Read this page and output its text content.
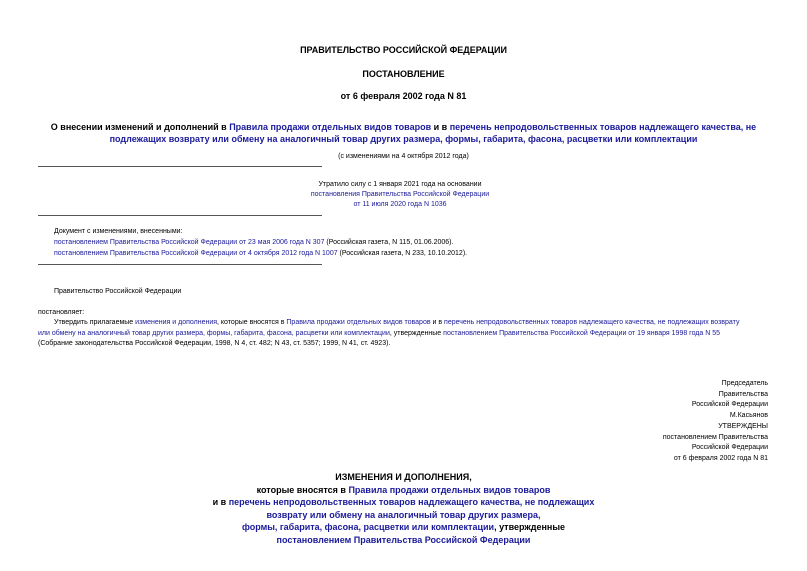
ПРАВИТЕЛЬСТВО РОССИЙСКОЙ ФЕДЕРАЦИИ
ПОСТАНОВЛЕНИЕ
от 6 февраля 2002 года N 81
О внесении изменений и дополнений в Правила продажи отдельных видов товаров и в перечень непродовольственных товаров надлежащего качества, не
подлежащих возврату или обмену на аналогичный товар других размера, формы, габарита, фасона, расцветки или комплектации
(с изменениями на 4 октября 2012 года)
Утратило силу с 1 января 2021 года на основании
постановления Правительства Российской Федерации
от 11 июля 2020 года N 1036
Документ с изменениями, внесенными:
постановлением Правительства Российской Федерации от 23 мая 2006 года N 307 (Российская газета, N 115, 01.06.2006).
постановлением Правительства Российской Федерации от 4 октября 2012 года N 1007 (Российская газета, N 233, 10.10.2012).
Правительство Российской Федерации
постановляет:
Утвердить прилагаемые изменения и дополнения, которые вносятся в Правила продажи отдельных видов товаров и в перечень непродовольственных товаров надлежащего качества, не подлежащих возврату
или обмену на аналогичный товар других размера, формы, габарита, фасона, расцветки или комплектации, утвержденные постановлением Правительства Российской Федерации от 19 января 1998 года N 55
(Собрание законодательства Российской Федерации, 1998, N 4, ст. 482; N 43, ст. 5357; 1999, N 41, ст. 4923).
Председатель
Правительства
Российской Федерации
М.Касьянов
УТВЕРЖДЕНЫ
постановлением Правительства
Российской Федерации
от 6 февраля 2002 года N 81
ИЗМЕНЕНИЯ И ДОПОЛНЕНИЯ,
которые вносятся в Правила продажи отдельных видов товаров
и в перечень непродовольственных товаров надлежащего качества, не подлежащих
возврату или обмену на аналогичный товар других размера,
формы, габарита, фасона, расцветки или комплектации, утвержденные
постановлением Правительства Российской Федерации
